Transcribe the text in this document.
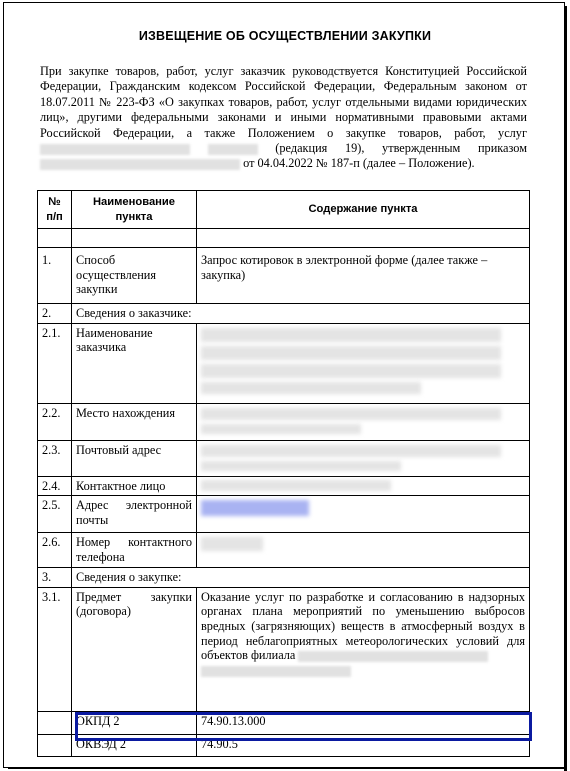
ИЗВЕЩЕНИЕ ОБ ОСУЩЕСТВЛЕНИИ ЗАКУПКИ
При закупке товаров, работ, услуг заказчик руководствуется Конституцией Российской Федерации, Гражданским кодексом Российской Федерации, Федеральным законом от 18.07.2011 № 223-ФЗ «О закупках товаров, работ, услуг отдельными видами юридических лиц», другими федеральными законами и иными нормативными правовыми актами Российской Федерации, а также Положением о закупке товаров, работ, услуг   (редакция 19), утвержденным приказом  от 04.04.2022 № 187-п (далее – Положение).
№ п/п	Наименование пункта	Содержание пункта

1.	Способ осуществления закупки	Запрос котировок в электронной форме (далее также – закупка)
2.	Сведения о заказчике:	
2.1.	Наименование заказчика	

2.2.	Место нахождения	

2.3.	Почтовый адрес	

2.4.	Контактное лицо	

2.5.	Адрес электронной почты	

2.6.	Номер контактного телефона	

3.	Сведения о закупке:	
3.1.	Предмет закупки (договора)	Оказание услуг по разработке и согласованию в надзорных органах плана мероприятий по уменьшению выбросов вредных (загрязняющих) веществ в атмосферный воздух в период неблагоприятных метеорологических условий для объектов филиала

	ОКПД 2	74.90.13.000
	ОКВЭД 2	74.90.5
